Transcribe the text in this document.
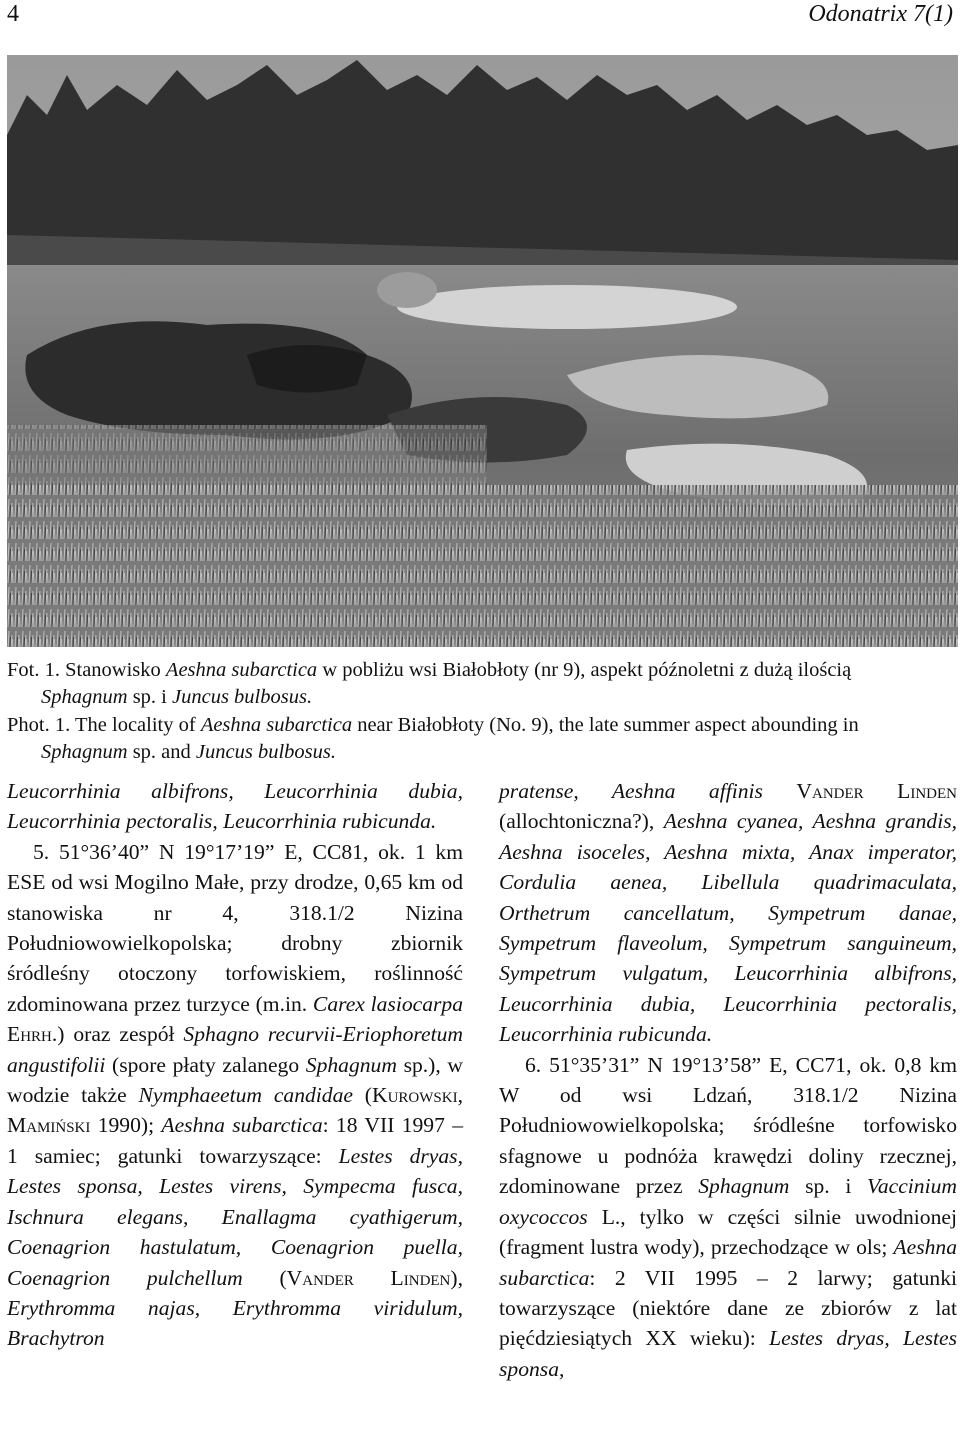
4	Odonatrix 7(1)
Fot. 1. Stanowisko Aeshna subarctica w pobliżu wsi Białobłoty (nr 9), aspekt późnoletni z dużą ilością
Sphagnum sp. i Juncus bulbosus.
Phot. 1. The locality of Aeshna subarctica near Białobłoty (No. 9), the late summer aspect abounding in
Sphagnum sp. and Juncus bulbosus.

Leucorrhinia albifrons, Leucorrhinia dubia, Leucorrhinia pectoralis, Leucorrhinia rubicunda.

5. 51°36’40” N 19°17’19” E, CC81, ok. 1 km ESE od wsi Mogilno Małe, przy drodze, 0,65 km od stanowiska nr 4, 318.1/2 Nizina Południowowielkopolska; drobny zbiornik śródleśny otoczony torfowiskiem, roślinność zdominowana przez turzyce (m.in. Carex lasiocarpa Ehrh.) oraz zespół Sphagno recurvii-Eriophoretum angustifolii (spore płaty zalanego Sphagnum sp.), w wodzie także Nymphaeetum candidae (Kurowski, Mamiński 1990); Aeshna subarctica: 18 VII 1997 – 1 samiec; gatunki towarzyszące: Lestes dryas, Lestes sponsa, Lestes virens, Sympecma fusca, Ischnura elegans, Enallagma cyathigerum, Coenagrion hastulatum, Coenagrion puella, Coenagrion pulchellum (Vander Linden), Erythromma najas, Erythromma viridulum, Brachytron

pratense, Aeshna affinis Vander Linden (allochtoniczna?), Aeshna cyanea, Aeshna grandis, Aeshna isoceles, Aeshna mixta, Anax imperator, Cordulia aenea, Libellula quadrimaculata, Orthetrum cancellatum, Sympetrum danae, Sympetrum flaveolum, Sympetrum sanguineum, Sympetrum vulgatum, Leucorrhinia albifrons, Leucorrhinia dubia, Leucorrhinia pectoralis, Leucorrhinia rubicunda.

6. 51°35’31” N 19°13’58” E, CC71, ok. 0,8 km W od wsi Ldzań, 318.1/2 Nizina Południowowielkopolska; śródleśne torfowisko sfagnowe u podnóża krawędzi doliny rzecznej, zdominowane przez Sphagnum sp. i Vaccinium oxycoccos L., tylko w części silnie uwodnionej (fragment lustra wody), przechodzące w ols; Aeshna subarctica: 2 VII 1995 – 2 larwy; gatunki towarzyszące (niektóre dane ze zbiorów z lat pięćdziesiątych XX wieku): Lestes dryas, Lestes sponsa,
